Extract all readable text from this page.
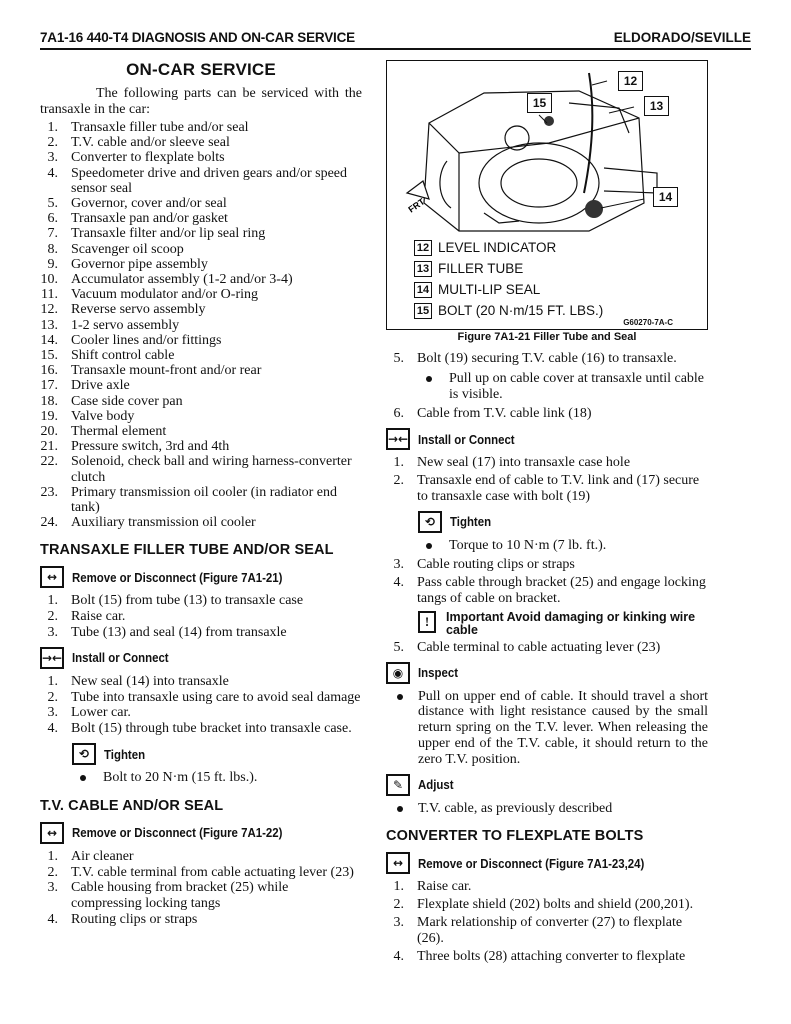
7A1-16 440-T4 DIAGNOSIS AND ON-CAR SERVICE	ELDORADO/SEVILLE
ON-CAR SERVICE

The following parts can be serviced with the transaxle in the car:

1. Transaxle filler tube and/or seal
2. T.V. cable and/or sleeve seal
3. Converter to flexplate bolts
4. Speedometer drive and driven gears and/or speed sensor seal
5. Governor, cover and/or seal
6. Transaxle pan and/or gasket
7. Transaxle filter and/or lip seal ring
8. Scavenger oil scoop
9. Governor pipe assembly
10. Accumulator assembly (1-2 and/or 3-4)
11. Vacuum modulator and/or O-ring
12. Reverse servo assembly
13. 1-2 servo assembly
14. Cooler lines and/or fittings
15. Shift control cable
16. Transaxle mount-front and/or rear
17. Drive axle
18. Case side cover pan
19. Valve body
20. Thermal element
21. Pressure switch, 3rd and 4th
22. Solenoid, check ball and wiring harness-converter clutch
23. Primary transmission oil cooler (in radiator end tank)
24. Auxiliary transmission oil cooler
TRANSAXLE FILLER TUBE AND/OR SEAL
↔	Remove or Disconnect (Figure 7A1-21)
1. Bolt (15) from tube (13) to transaxle case
2. Raise car.
3. Tube (13) and seal (14) from transaxle
→← Install or Connect
1. New seal (14) into transaxle
2. Tube into transaxle using care to avoid seal damage
3. Lower car.
4. Bolt (15) through tube bracket into transaxle case.
⟲	Tighten
Bolt to 20 N·m (15 ft. lbs.).
T.V. CABLE AND/OR SEAL
↔	Remove or Disconnect (Figure 7A1-22)
1. Air cleaner
2. T.V. cable terminal from cable actuating lever (23)
3. Cable housing from bracket (25) while compressing locking tangs
4. Routing clips or straps
FRT
12
13
14
15
12 LEVEL INDICATOR
13 FILLER TUBE
14 MULTI-LIP SEAL
15 BOLT (20 N·m/15 FT. LBS.)
G60270-7A-C
Figure 7A1-21 Filler Tube and Seal
5. Bolt (19) securing T.V. cable (16) to transaxle.
Pull up on cable cover at transaxle until cable is visible.
6. Cable from T.V. cable link (18)
→← Install or Connect
1. New seal (17) into transaxle case hole
2. Transaxle end of cable to T.V. link and (17) secure to transaxle case with bolt (19)
⟲	Tighten
Torque to 10 N·m (7 lb. ft.).
3. Cable routing clips or straps
4. Pass cable through bracket (25) and engage locking tangs of cable on bracket.
!	Important Avoid damaging or kinking wire cable
5. Cable terminal to cable actuating lever (23)
◉	Inspect
Pull on upper end of cable. It should travel a short distance with light resistance caused by the small return spring on the T.V. lever. When releasing the upper end of the T.V. cable, it should return to the zero T.V. position.
✎	Adjust
T.V. cable, as previously described
CONVERTER TO FLEXPLATE BOLTS
↔	Remove or Disconnect (Figure 7A1-23,24)
1. Raise car.
2. Flexplate shield (202) bolts and shield (200,201).
3. Mark relationship of converter (27) to flexplate (26).
4. Three bolts (28) attaching converter to flexplate
